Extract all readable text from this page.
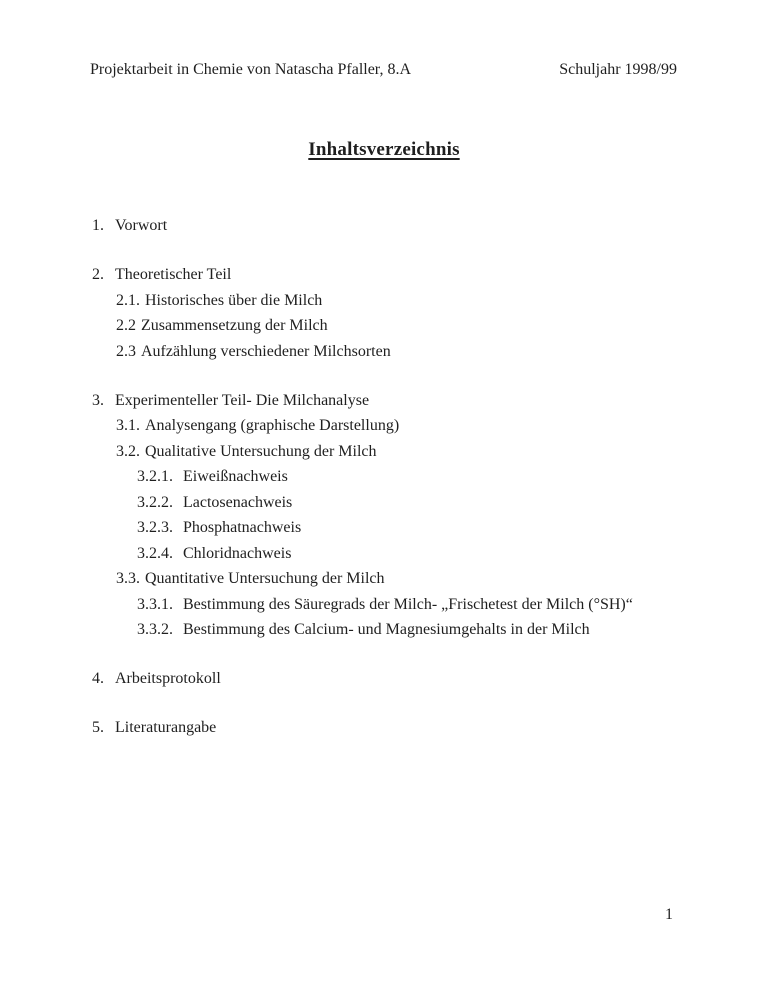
Projektarbeit in Chemie von Natascha Pfaller, 8.A	Schuljahr 1998/99
Inhaltsverzeichnis
1. Vorwort
2. Theoretischer Teil
2.1. Historisches über die Milch
2.2 Zusammensetzung der Milch
2.3 Aufzählung verschiedener Milchsorten
3. Experimenteller Teil- Die Milchanalyse
3.1. Analysengang (graphische Darstellung)
3.2. Qualitative Untersuchung der Milch
3.2.1. Eiweißnachweis
3.2.2. Lactosenachweis
3.2.3. Phosphatnachweis
3.2.4. Chloridnachweis
3.3. Quantitative Untersuchung der Milch
3.3.1. Bestimmung des Säuregrads der Milch- „Frischetest der Milch (°SH)“
3.3.2. Bestimmung des Calcium- und Magnesiumgehalts in der Milch
4. Arbeitsprotokoll
5. Literaturangabe
1
